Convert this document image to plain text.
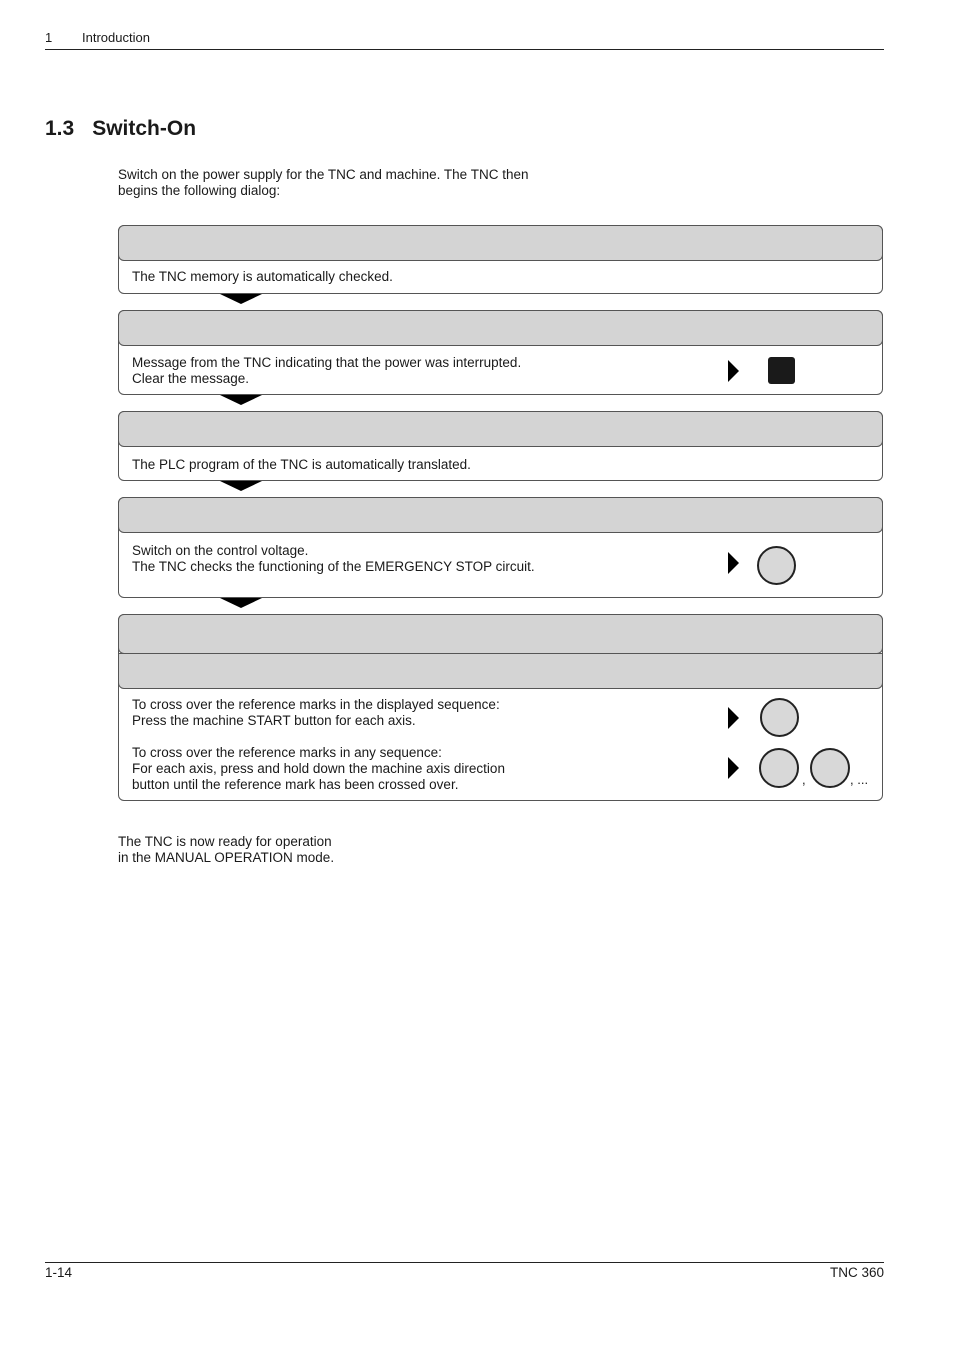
1 Introduction
1.3 Switch-On
Switch on the power supply for the TNC and machine. The TNC then
begins the following dialog:
The TNC memory is automatically checked.
Message from the TNC indicating that the power was interrupted.
Clear the message.
The PLC program of the TNC is automatically translated.
Switch on the control voltage.
The TNC checks the functioning of the EMERGENCY STOP circuit.
To cross over the reference marks in the displayed sequence:
Press the machine START button for each axis.
To cross over the reference marks in any sequence:
For each axis, press and hold down the machine axis direction
button until the reference mark has been crossed over.	,	, ...
The TNC is now ready for operation
in the MANUAL OPERATION mode.
1-14	TNC 360
